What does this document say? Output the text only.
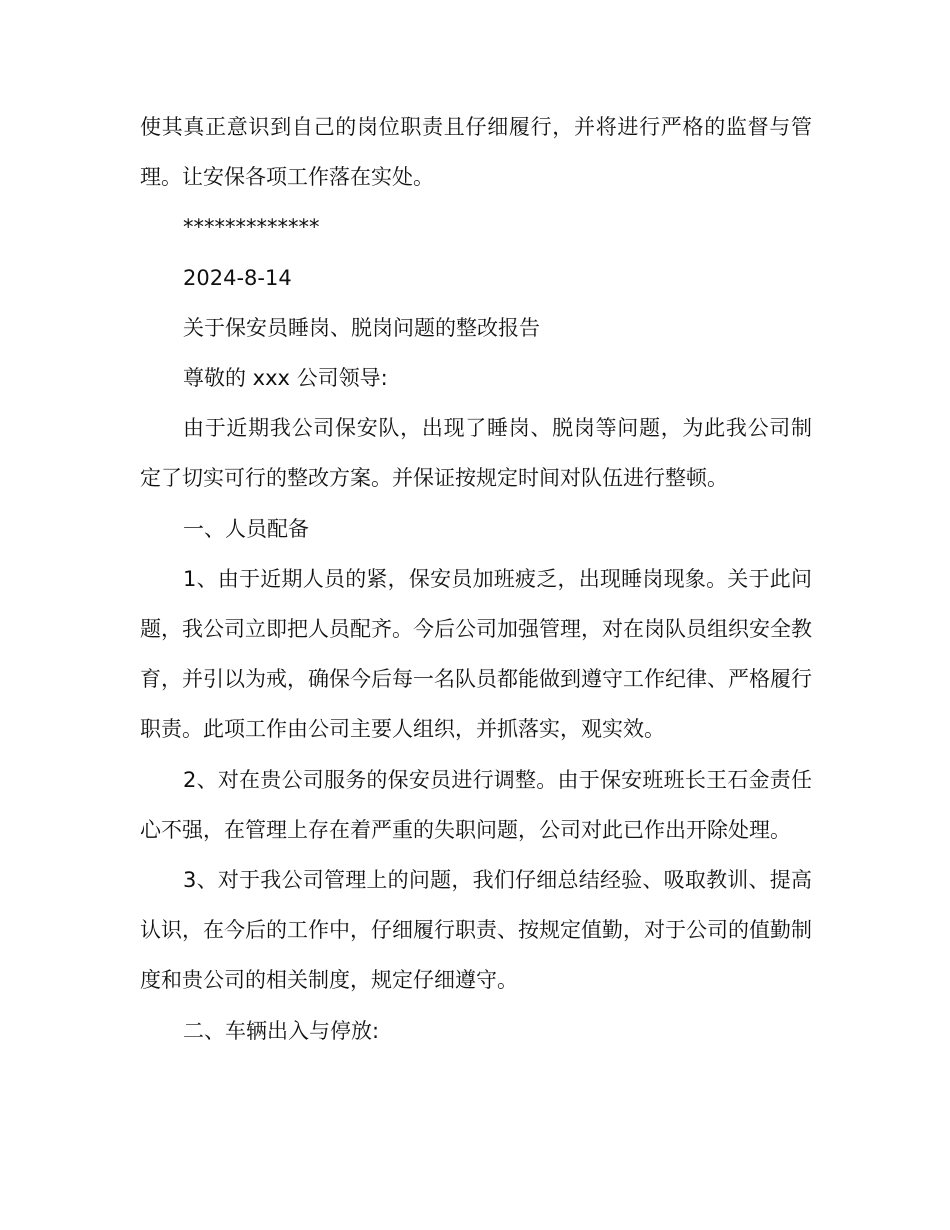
使其真正意识到自己的岗位职责且仔细履行，并将进行严格的监督与管理。让安保各项工作落在实处。

*************

2024-8-14

关于保安员睡岗、脱岗问题的整改报告

尊敬的 xxx 公司领导:

由于近期我公司保安队，出现了睡岗、脱岗等问题，为此我公司制定了切实可行的整改方案。并保证按规定时间对队伍进行整顿。

一、人员配备

1、由于近期人员的紧，保安员加班疲乏，出现睡岗现象。关于此问题，我公司立即把人员配齐。今后公司加强管理，对在岗队员组织安全教育，并引以为戒，确保今后每一名队员都能做到遵守工作纪律、严格履行职责。此项工作由公司主要人组织，并抓落实，观实效。

2、对在贵公司服务的保安员进行调整。由于保安班班长王石金责任心不强，在管理上存在着严重的失职问题，公司对此已作出开除处理。

3、对于我公司管理上的问题，我们仔细总结经验、吸取教训、提高认识，在今后的工作中，仔细履行职责、按规定值勤，对于公司的值勤制度和贵公司的相关制度，规定仔细遵守。

二、车辆出入与停放:
